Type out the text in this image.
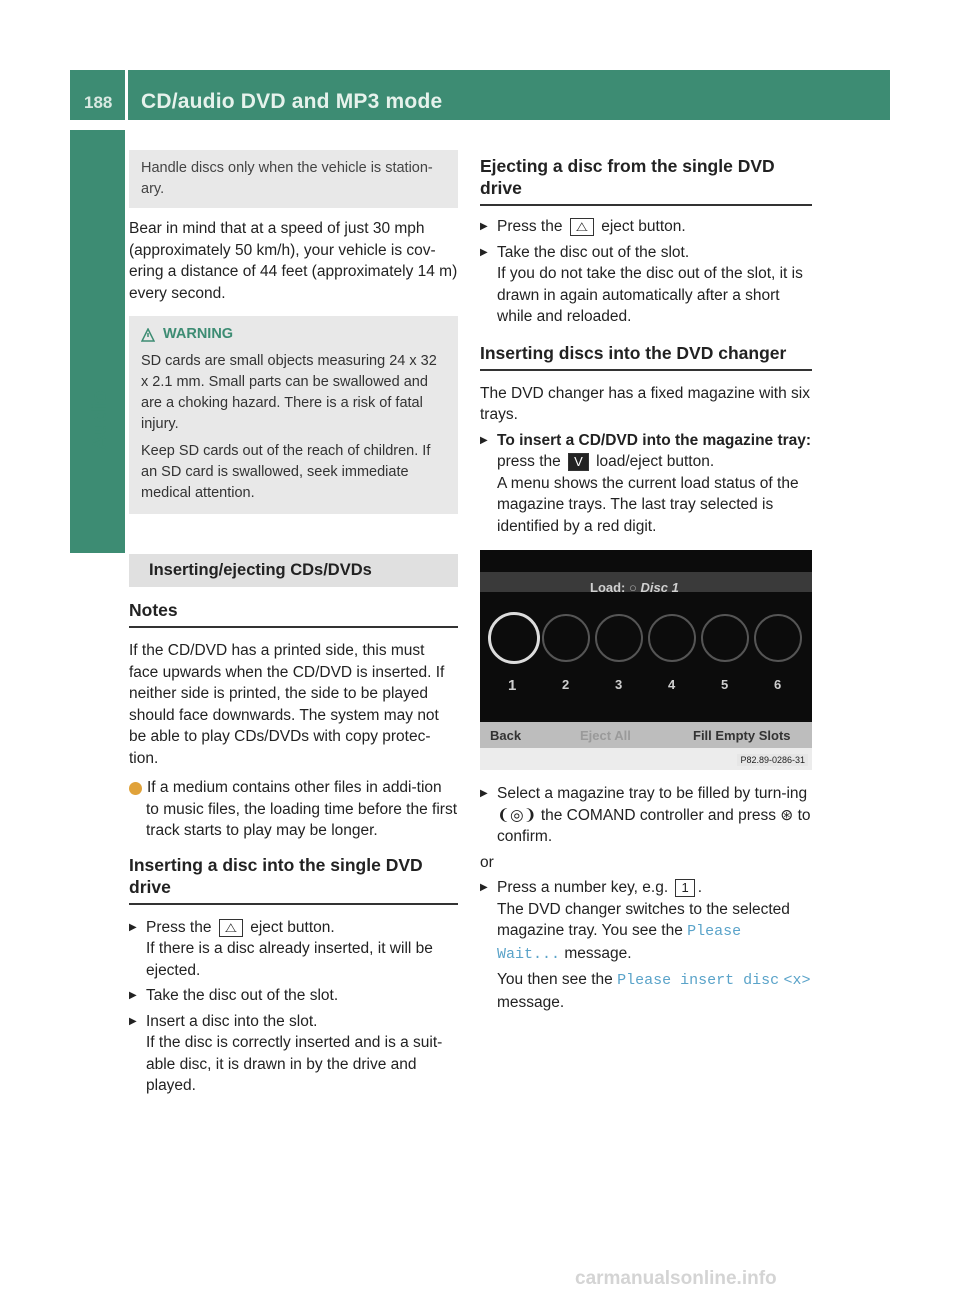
188 CD/audio DVD and MP3 mode
Audio

Handle discs only when the vehicle is station-ary.

Bear in mind that at a speed of just 30 mph (approximately 50 km/h), your vehicle is cov-ering a distance of 44 feet (approximately 14 m) every second.

WARNING

SD cards are small objects measuring 24 x 32 x 2.1 mm. Small parts can be swallowed and are a choking hazard. There is a risk of fatal injury.

Keep SD cards out of the reach of children. If an SD card is swallowed, seek immediate medical attention.

Inserting/ejecting CDs/DVDs
Notes

If the CD/DVD has a printed side, this must face upwards when the CD/DVD is inserted. If neither side is printed, the side to be played should face downwards. The system may not be able to play CDs/DVDs with copy protec-tion.

i If a medium contains other files in addi-tion to music files, the loading time before the first track starts to play may be longer.

Inserting a disc into the single DVD drive

▶ Press the ⧍ eject button.

If there is a disc already inserted, it will be ejected.

▶ Take the disc out of the slot.

▶ Insert a disc into the slot.

If the disc is correctly inserted and is a suit-able disc, it is drawn in by the drive and played.

Ejecting a disc from the single DVD drive

▶ Press the ⧍ eject button.

▶ Take the disc out of the slot.

If you do not take the disc out of the slot, it is drawn in again automatically after a short while and reloaded.

Inserting discs into the DVD changer

The DVD changer has a fixed magazine with six trays.

▶ To insert a CD/DVD into the magazine tray: press the V load/eject button.

A menu shows the current load status of the magazine trays. The last tray selected is identified by a red digit.

Load: ○ Disc 1
1	2	3	4	5	6
Back	Eject All	Fill Empty Slots
P82.89-0286-31

▶ Select a magazine tray to be filled by turn-ing ❨◎❩ the COMAND controller and press ⊛ to confirm.

or

▶ Press a number key, e.g. 1 .

The DVD changer switches to the selected magazine tray. You see the Please Wait... message.

You then see the Please insert disc <x> message.

carmanualsonline.info
